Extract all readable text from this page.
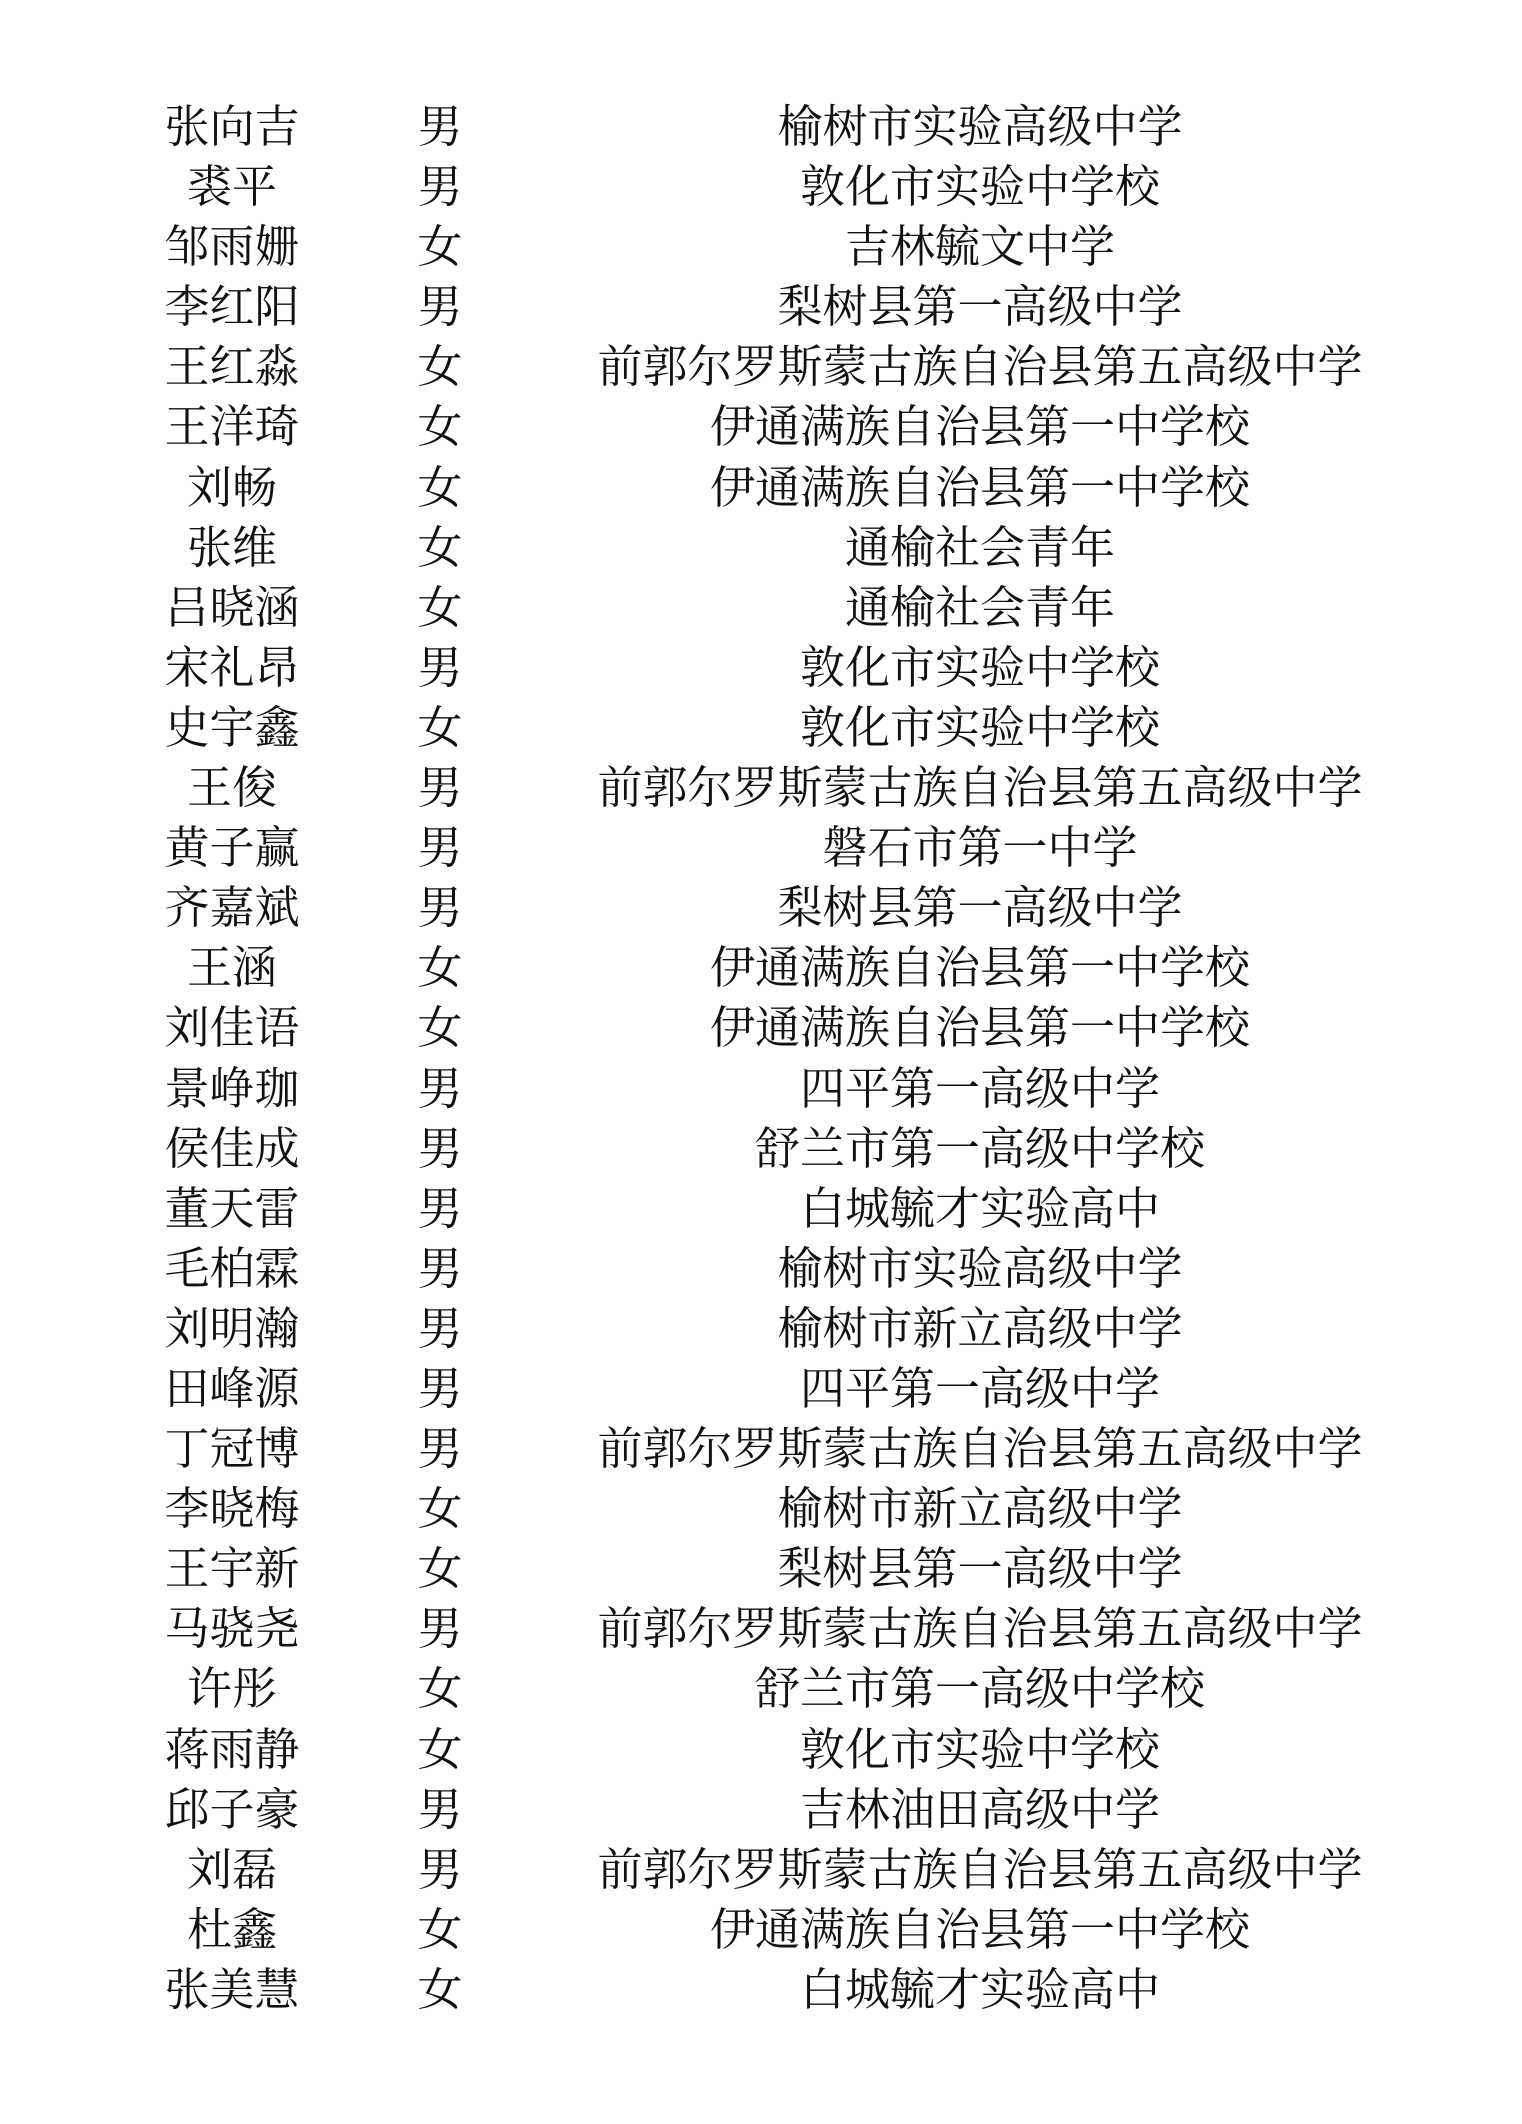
张向吉	男	榆树市实验高级中学
裘平	男	敦化市实验中学校
邹雨姗	女	吉林毓文中学
李红阳	男	梨树县第一高级中学
王红淼	女	前郭尔罗斯蒙古族自治县第五高级中学
王洋琦	女	伊通满族自治县第一中学校
刘畅	女	伊通满族自治县第一中学校
张维	女	通榆社会青年
吕晓涵	女	通榆社会青年
宋礼昂	男	敦化市实验中学校
史宇鑫	女	敦化市实验中学校
王俊	男	前郭尔罗斯蒙古族自治县第五高级中学
黄子赢	男	磐石市第一中学
齐嘉斌	男	梨树县第一高级中学
王涵	女	伊通满族自治县第一中学校
刘佳语	女	伊通满族自治县第一中学校
景峥珈	男	四平第一高级中学
侯佳成	男	舒兰市第一高级中学校
董天雷	男	白城毓才实验高中
毛柏霖	男	榆树市实验高级中学
刘明瀚	男	榆树市新立高级中学
田峰源	男	四平第一高级中学
丁冠博	男	前郭尔罗斯蒙古族自治县第五高级中学
李晓梅	女	榆树市新立高级中学
王宇新	女	梨树县第一高级中学
马骁尧	男	前郭尔罗斯蒙古族自治县第五高级中学
许彤	女	舒兰市第一高级中学校
蒋雨静	女	敦化市实验中学校
邱子豪	男	吉林油田高级中学
刘磊	男	前郭尔罗斯蒙古族自治县第五高级中学
杜鑫	女	伊通满族自治县第一中学校
张美慧	女	白城毓才实验高中
